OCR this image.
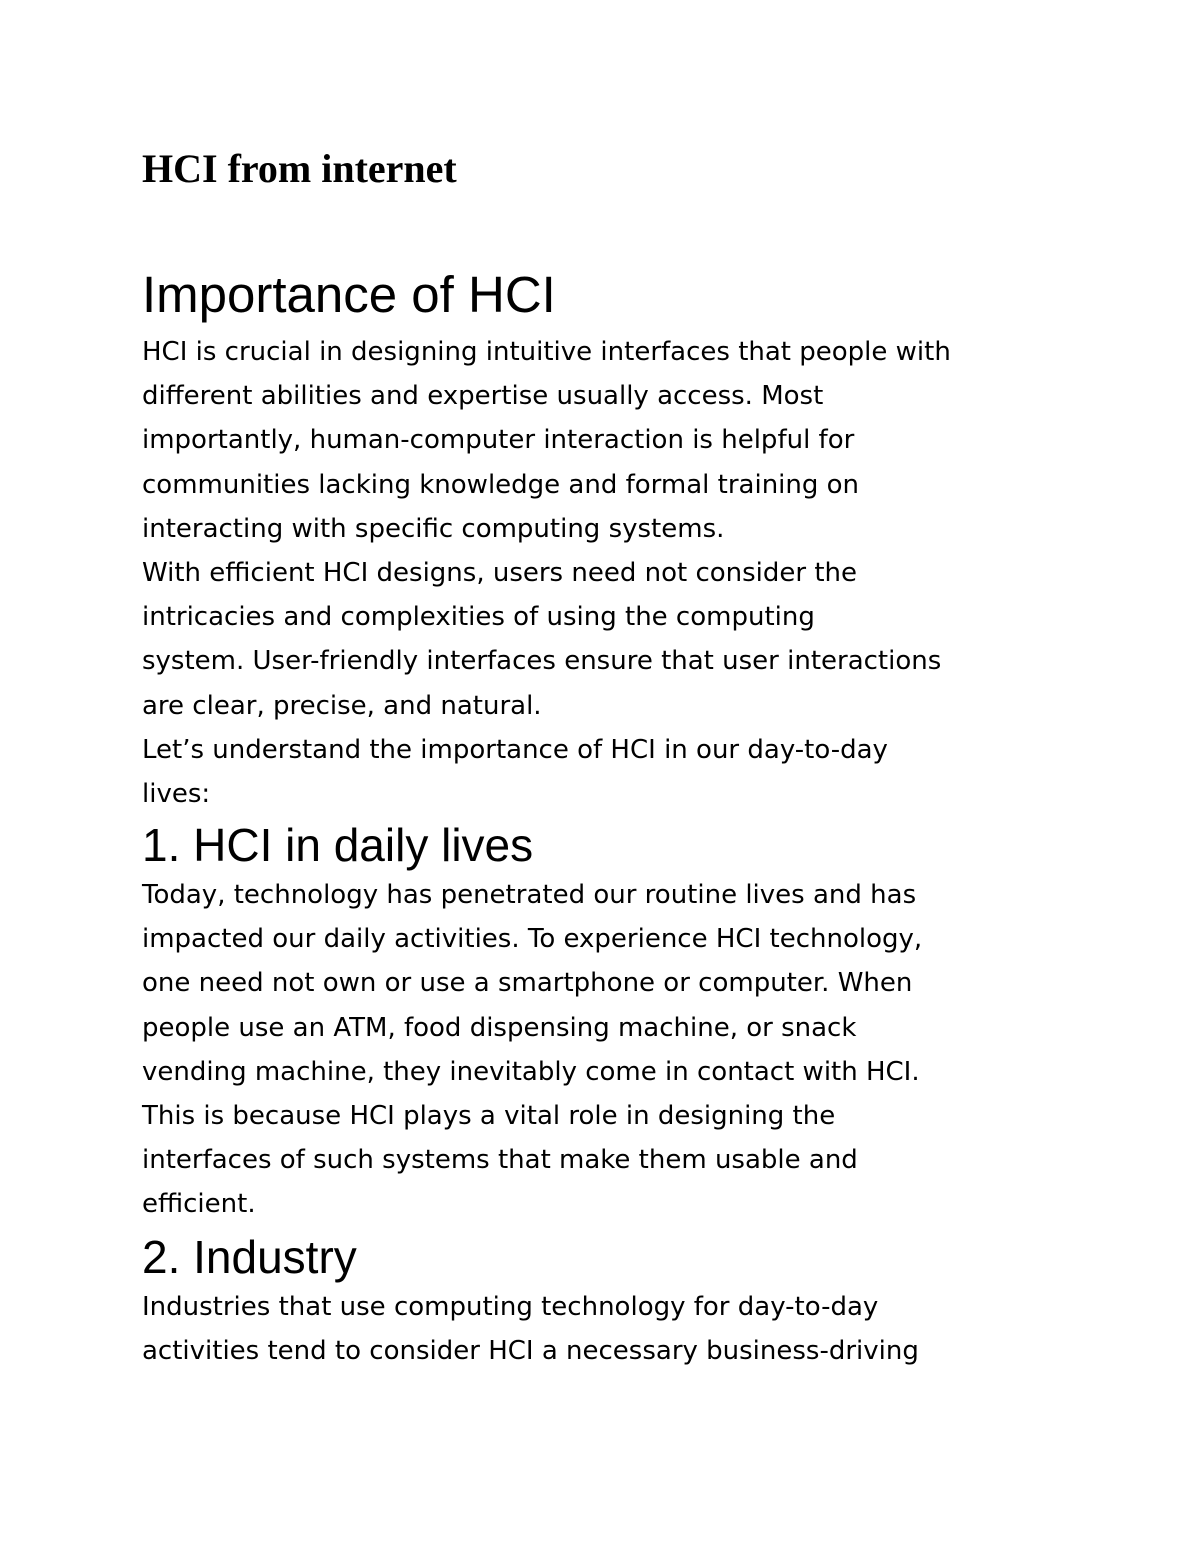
HCI from internet
Importance of HCI

HCI is crucial in designing intuitive interfaces that people with
different abilities and expertise usually access. Most
importantly, human-computer interaction is helpful for
communities lacking knowledge and formal training on
interacting with specific computing systems.

With efficient HCI designs, users need not consider the
intricacies and complexities of using the computing
system. User-friendly interfaces ensure that user interactions
are clear, precise, and natural.

Let’s understand the importance of HCI in our day-to-day
lives:

1. HCI in daily lives

Today, technology has penetrated our routine lives and has
impacted our daily activities. To experience HCI technology,
one need not own or use a smartphone or computer. When
people use an ATM, food dispensing machine, or snack
vending machine, they inevitably come in contact with HCI.
This is because HCI plays a vital role in designing the
interfaces of such systems that make them usable and
efficient.

2. Industry

Industries that use computing technology for day-to-day
activities tend to consider HCI a necessary business-driving
